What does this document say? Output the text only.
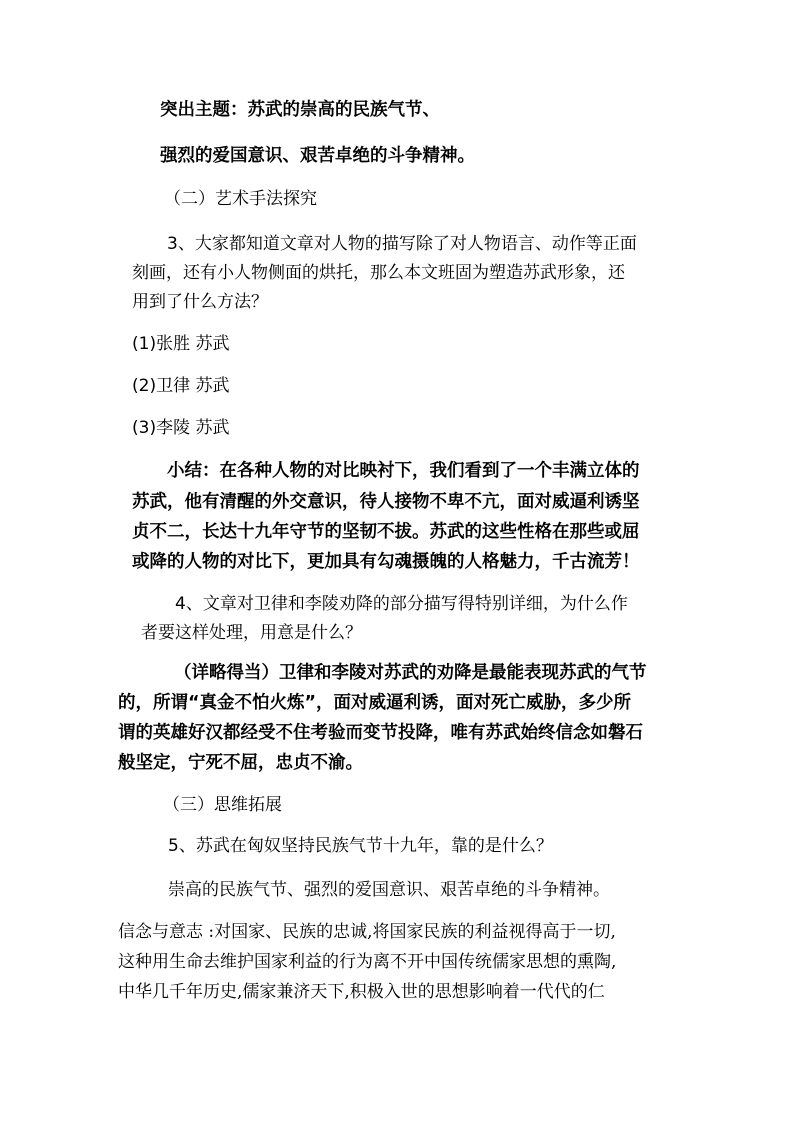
突出主题：苏武的崇高的民族气节、
强烈的爱国意识、艰苦卓绝的斗争精神。
（二）艺术手法探究
3、大家都知道文章对人物的描写除了对人物语言、动作等正面
刻画，还有小人物侧面的烘托，那么本文班固为塑造苏武形象，还
用到了什么方法？
(1)张胜 苏武
(2)卫律 苏武
(3)李陵 苏武
小结：在各种人物的对比映衬下，我们看到了一个丰满立体的
苏武，他有清醒的外交意识，待人接物不卑不亢，面对威逼利诱坚
贞不二，长达十九年守节的坚韧不拔。苏武的这些性格在那些或屈
或降的人物的对比下，更加具有勾魂摄魄的人格魅力，千古流芳！
4、文章对卫律和李陵劝降的部分描写得特别详细，为什么作
者要这样处理，用意是什么？
（详略得当）卫律和李陵对苏武的劝降是最能表现苏武的气节
的，所谓“真金不怕火炼”，面对威逼利诱，面对死亡威胁，多少所
谓的英雄好汉都经受不住考验而变节投降，唯有苏武始终信念如磐石
般坚定，宁死不屈，忠贞不渝。
（三）思维拓展
5、苏武在匈奴坚持民族气节十九年，靠的是什么？
崇高的民族气节、强烈的爱国意识、艰苦卓绝的斗争精神。
信念与意志 :对国家、民族的忠诚,将国家民族的利益视得高于一切,
这种用生命去维护国家利益的行为离不开中国传统儒家思想的熏陶,
中华几千年历史,儒家兼济天下,积极入世的思想影响着一代代的仁
